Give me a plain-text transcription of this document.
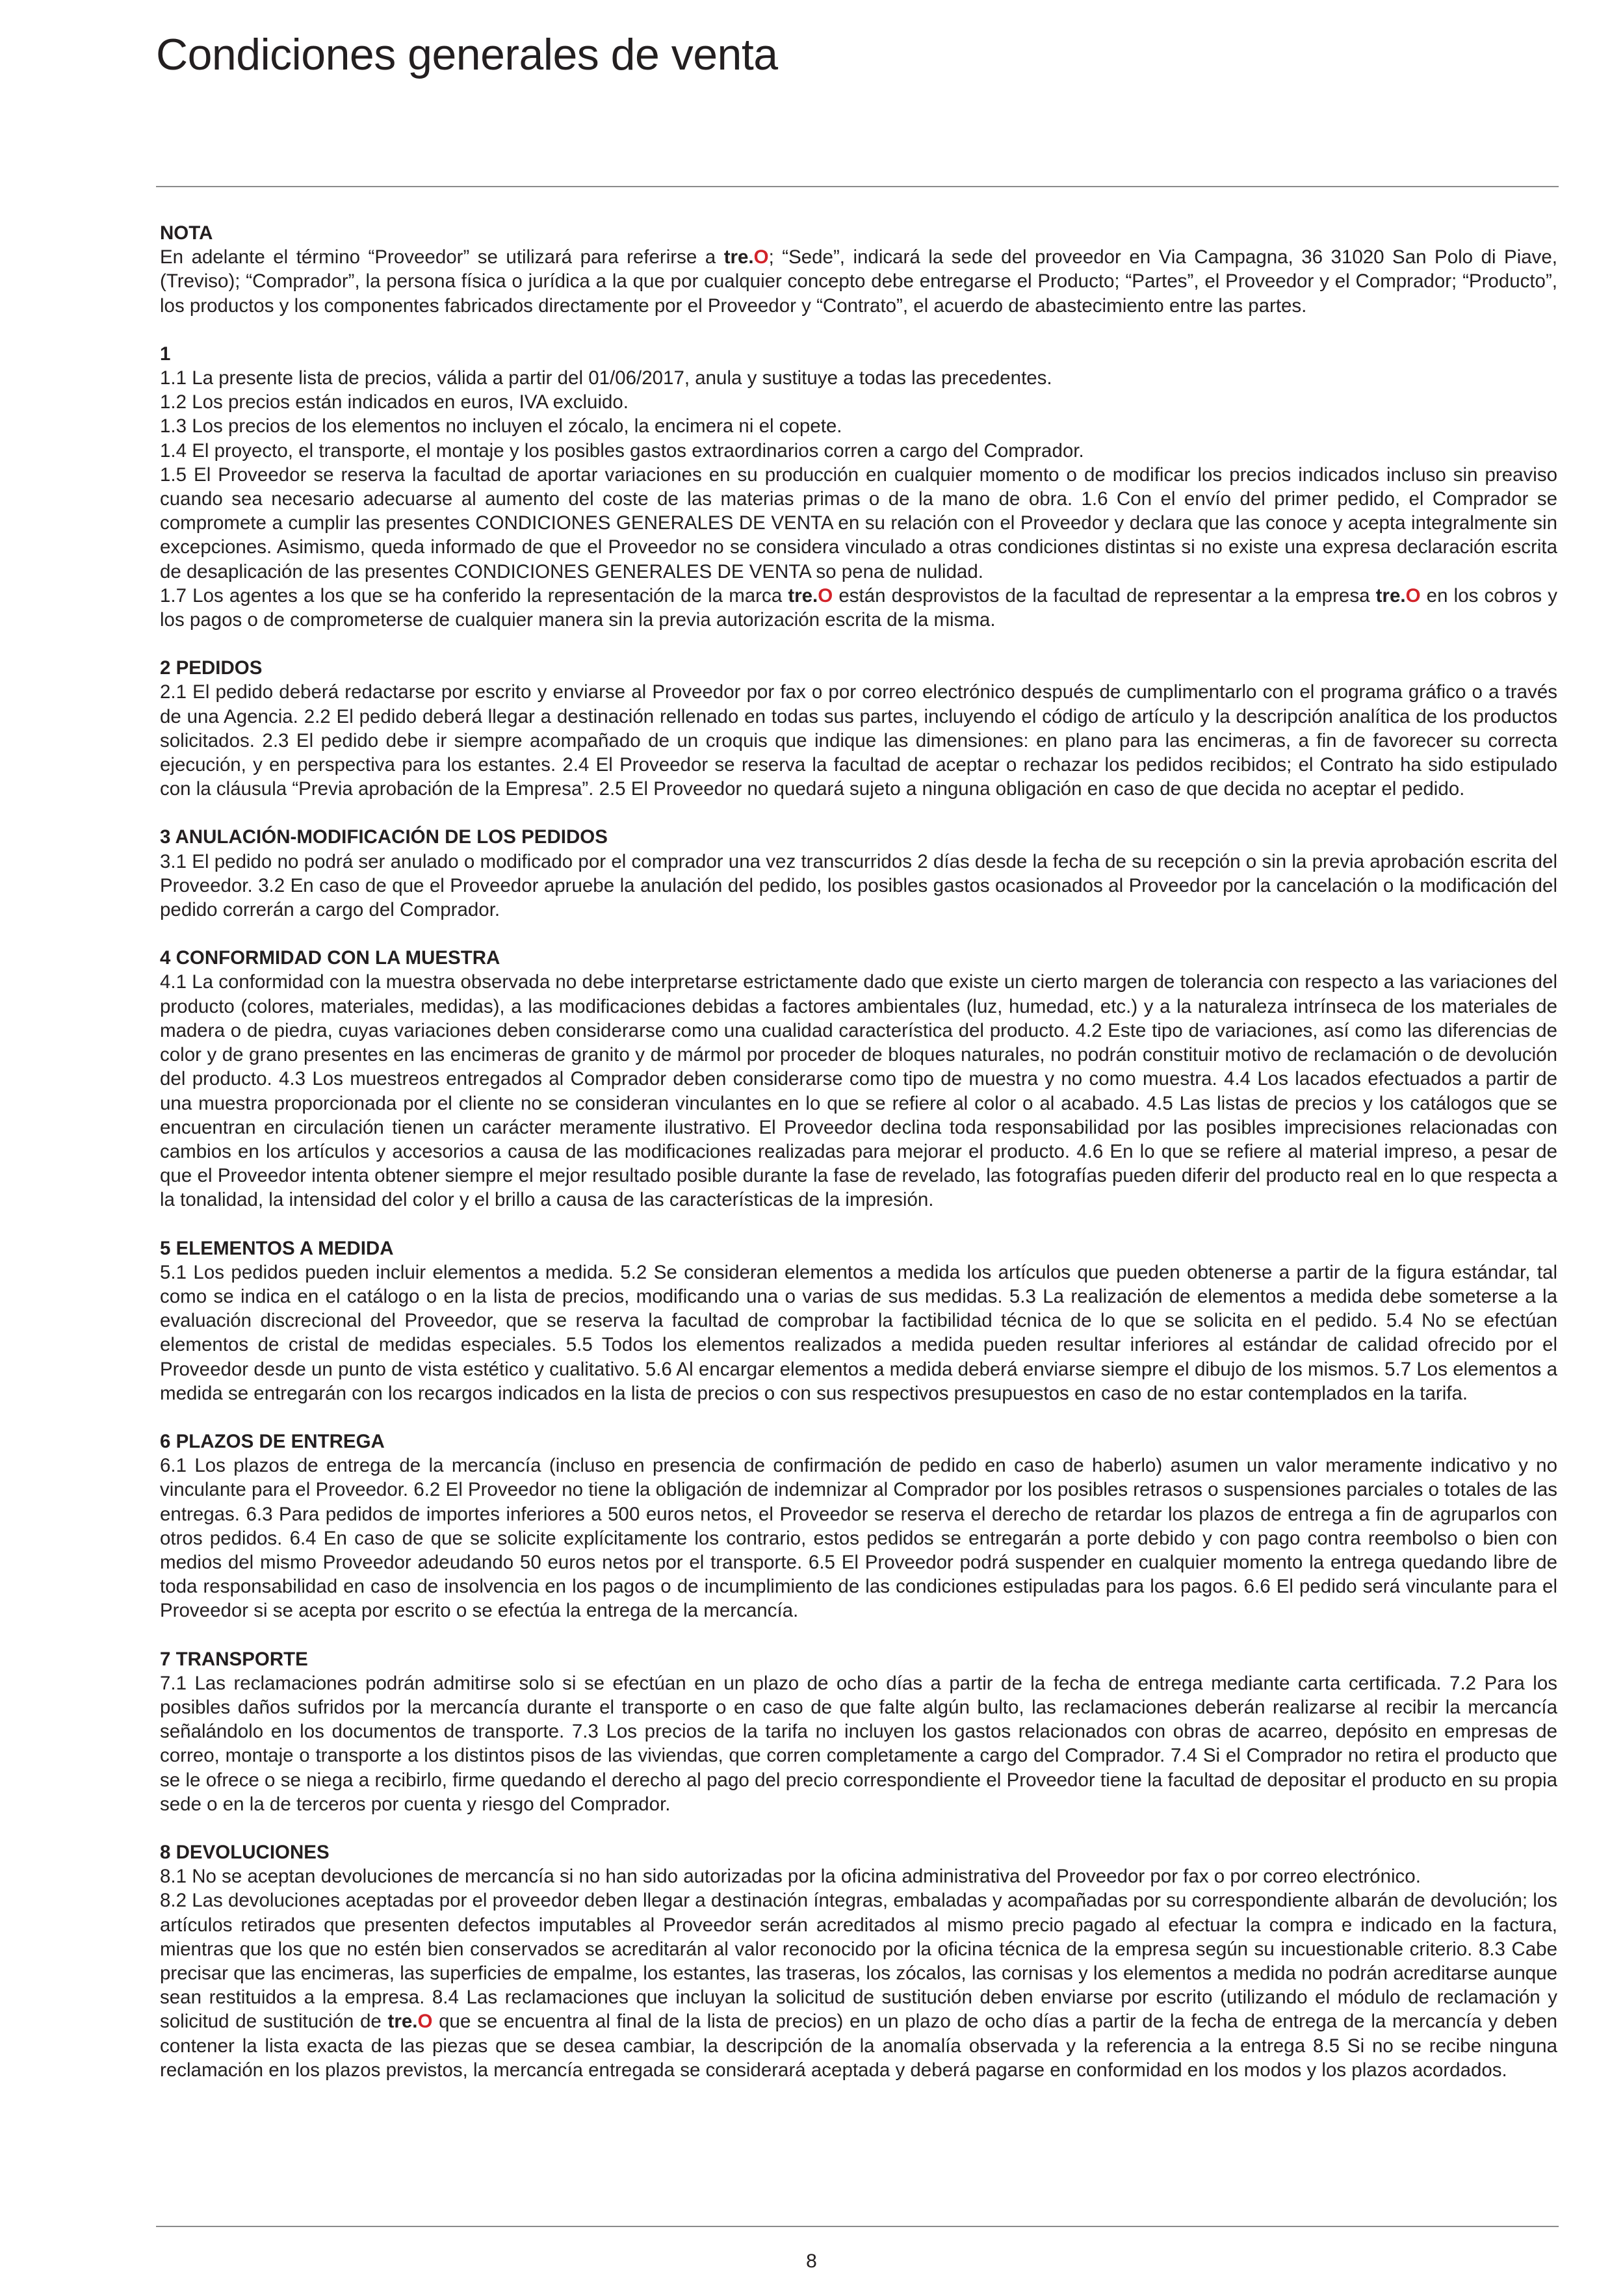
Condiciones generales de venta
NOTA
En adelante el término “Proveedor” se utilizará para referirse a tre.O; “Sede”, indicará la sede del proveedor en Via Campagna, 36 31020 San Polo di Piave, (Treviso); “Comprador”, la persona física o jurídica a la que por cualquier concepto debe entregarse el Producto; “Partes”, el Proveedor y el Comprador; “Producto”, los productos y los componentes fabricados directamente por el Proveedor y “Contrato”, el acuerdo de abastecimiento entre las partes.
1
1.1 La presente lista de precios, válida a partir del 01/06/2017, anula y sustituye a todas las precedentes.
1.2 Los precios están indicados en euros, IVA excluido.
1.3 Los precios de los elementos no incluyen el zócalo, la encimera ni el copete.
1.4 El proyecto, el transporte, el montaje y los posibles gastos extraordinarios corren a cargo del Comprador.
1.5 El Proveedor se reserva la facultad de aportar variaciones en su producción en cualquier momento o de modificar los precios indicados incluso sin preaviso cuando sea necesario adecuarse al aumento del coste de las materias primas o de la mano de obra. 1.6 Con el envío del primer pedido, el Comprador se compromete a cumplir las presentes CONDICIONES GENERALES DE VENTA en su relación con el Proveedor y declara que las conoce y acepta integralmente sin excepciones. Asimismo, queda informado de que el Proveedor no se considera vinculado a otras condiciones distintas si no existe una expresa declaración escrita de desaplicación de las presentes CONDICIONES GENERALES DE VENTA so pena de nulidad.
1.7 Los agentes a los que se ha conferido la representación de la marca tre.O están desprovistos de la facultad de representar a la empresa tre.O en los cobros y los pagos o de comprometerse de cualquier manera sin la previa autorización escrita de la misma.
2 PEDIDOS
2.1 El pedido deberá redactarse por escrito y enviarse al Proveedor por fax o por correo electrónico después de cumplimentarlo con el programa gráfico o a través de una Agencia. 2.2 El pedido deberá llegar a destinación rellenado en todas sus partes, incluyendo el código de artículo y la descripción analítica de los productos solicitados. 2.3 El pedido debe ir siempre acompañado de un croquis que indique las dimensiones: en plano para las encimeras, a fin de favorecer su correcta ejecución, y en perspectiva para los estantes. 2.4 El Proveedor se reserva la facultad de aceptar o rechazar los pedidos recibidos; el Contrato ha sido estipulado con la cláusula “Previa aprobación de la Empresa”. 2.5 El Proveedor no quedará sujeto a ninguna obligación en caso de que decida no aceptar el pedido.
3 ANULACIÓN-MODIFICACIÓN DE LOS PEDIDOS
3.1 El pedido no podrá ser anulado o modificado por el comprador una vez transcurridos 2 días desde la fecha de su recepción o sin la previa aprobación escrita del Proveedor. 3.2 En caso de que el Proveedor apruebe la anulación del pedido, los posibles gastos ocasionados al Proveedor por la cancelación o la modificación del pedido correrán a cargo del Comprador.
4 CONFORMIDAD CON LA MUESTRA
4.1 La conformidad con la muestra observada no debe interpretarse estrictamente dado que existe un cierto margen de tolerancia con respecto a las variaciones del producto (colores, materiales, medidas), a las modificaciones debidas a factores ambientales (luz, humedad, etc.) y a la naturaleza intrínseca de los materiales de madera o de piedra, cuyas variaciones deben considerarse como una cualidad característica del producto. 4.2 Este tipo de variaciones, así como las diferencias de color y de grano presentes en las encimeras de granito y de mármol por proceder de bloques naturales, no podrán constituir motivo de reclamación o de devolución del producto. 4.3 Los muestreos entregados al Comprador deben considerarse como tipo de muestra y no como muestra. 4.4 Los lacados efectuados a partir de una muestra proporcionada por el cliente no se consideran vinculantes en lo que se refiere al color o al acabado. 4.5 Las listas de precios y los catálogos que se encuentran en circulación tienen un carácter meramente ilustrativo. El Proveedor declina toda responsabilidad por las posibles imprecisiones relacionadas con cambios en los artículos y accesorios a causa de las modificaciones realizadas para mejorar el producto. 4.6 En lo que se refiere al material impreso, a pesar de que el Proveedor intenta obtener siempre el mejor resultado posible durante la fase de revelado, las fotografías pueden diferir del producto real en lo que respecta a la tonalidad, la intensidad del color y el brillo a causa de las características de la impresión.
5 ELEMENTOS A MEDIDA
5.1 Los pedidos pueden incluir elementos a medida. 5.2 Se consideran elementos a medida los artículos que pueden obtenerse a partir de la figura estándar, tal como se indica en el catálogo o en la lista de precios, modificando una o varias de sus medidas. 5.3 La realización de elementos a medida debe someterse a la evaluación discrecional del Proveedor, que se reserva la facultad de comprobar la factibilidad técnica de lo que se solicita en el pedido. 5.4 No se efectúan elementos de cristal de medidas especiales. 5.5 Todos los elementos realizados a medida pueden resultar inferiores al estándar de calidad ofrecido por el Proveedor desde un punto de vista estético y cualitativo. 5.6 Al encargar elementos a medida deberá enviarse siempre el dibujo de los mismos. 5.7 Los elementos a medida se entregarán con los recargos indicados en la lista de precios o con sus respectivos presupuestos en caso de no estar contemplados en la tarifa.
6 PLAZOS DE ENTREGA
6.1 Los plazos de entrega de la mercancía (incluso en presencia de confirmación de pedido en caso de haberlo) asumen un valor meramente indicativo y no vinculante para el Proveedor. 6.2 El Proveedor no tiene la obligación de indemnizar al Comprador por los posibles retrasos o suspensiones parciales o totales de las entregas. 6.3 Para pedidos de importes inferiores a 500 euros netos, el Proveedor se reserva el derecho de retardar los plazos de entrega a fin de agruparlos con otros pedidos. 6.4 En caso de que se solicite explícitamente los contrario, estos pedidos se entregarán a porte debido y con pago contra reembolso o bien con medios del mismo Proveedor adeudando 50 euros netos por el transporte. 6.5 El Proveedor podrá suspender en cualquier momento la entrega quedando libre de toda responsabilidad en caso de insolvencia en los pagos o de incumplimiento de las condiciones estipuladas para los pagos. 6.6 El pedido será vinculante para el Proveedor si se acepta por escrito o se efectúa la entrega de la mercancía.
7 TRANSPORTE
7.1 Las reclamaciones podrán admitirse solo si se efectúan en un plazo de ocho días a partir de la fecha de entrega mediante carta certificada. 7.2 Para los posibles daños sufridos por la mercancía durante el transporte o en caso de que falte algún bulto, las reclamaciones deberán realizarse al recibir la mercancía señalándolo en los documentos de transporte. 7.3 Los precios de la tarifa no incluyen los gastos relacionados con obras de acarreo, depósito en empresas de correo, montaje o transporte a los distintos pisos de las viviendas, que corren completamente a cargo del Comprador. 7.4 Si el Comprador no retira el producto que se le ofrece o se niega a recibirlo, firme quedando el derecho al pago del precio correspondiente el Proveedor tiene la facultad de depositar el producto en su propia sede o en la de terceros por cuenta y riesgo del Comprador.
8 DEVOLUCIONES
8.1 No se aceptan devoluciones de mercancía si no han sido autorizadas por la oficina administrativa del Proveedor por fax o por correo electrónico.
8.2 Las devoluciones aceptadas por el proveedor deben llegar a destinación íntegras, embaladas y acompañadas por su correspondiente albarán de devolución; los artículos retirados que presenten defectos imputables al Proveedor serán acreditados al mismo precio pagado al efectuar la compra e indicado en la factura, mientras que los que no estén bien conservados se acreditarán al valor reconocido por la oficina técnica de la empresa según su incuestionable criterio. 8.3 Cabe precisar que las encimeras, las superficies de empalme, los estantes, las traseras, los zócalos, las cornisas y los elementos a medida no podrán acreditarse aunque sean restituidos a la empresa. 8.4 Las reclamaciones que incluyan la solicitud de sustitución deben enviarse por escrito (utilizando el módulo de reclamación y solicitud de sustitución de tre.O que se encuentra al final de la lista de precios) en un plazo de ocho días a partir de la fecha de entrega de la mercancía y deben contener la lista exacta de las piezas que se desea cambiar, la descripción de la anomalía observada y la referencia a la entrega 8.5 Si no se recibe ninguna reclamación en los plazos previstos, la mercancía entregada se considerará aceptada y deberá pagarse en conformidad en los modos y los plazos acordados.
8
